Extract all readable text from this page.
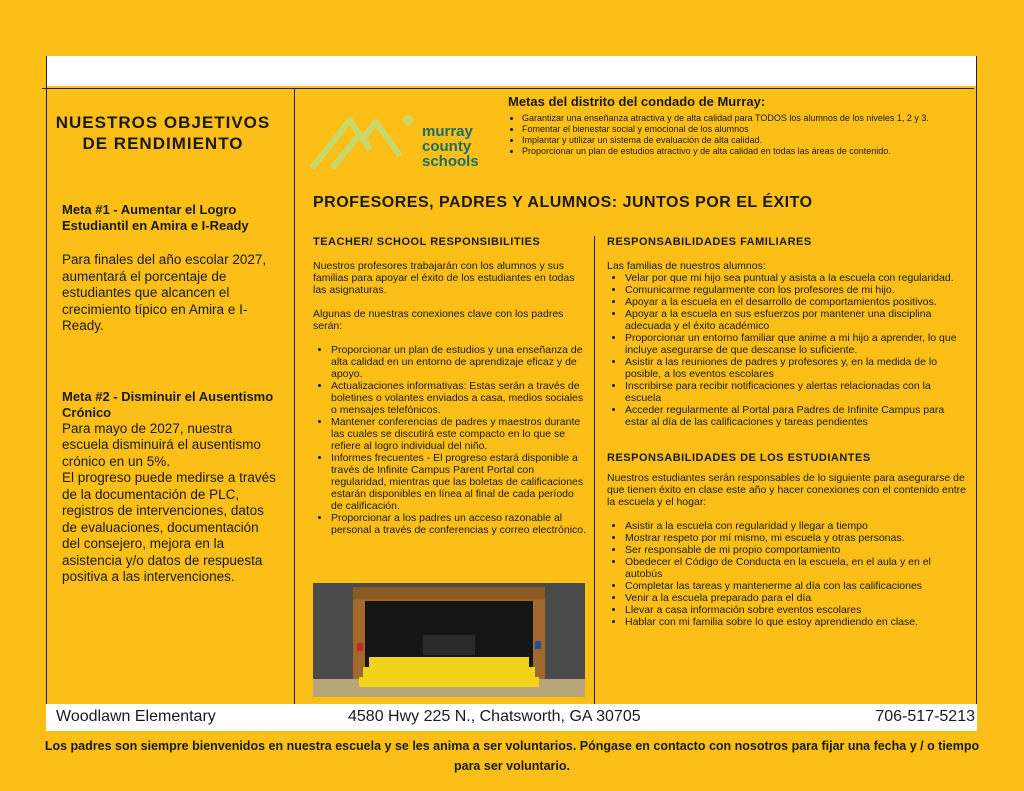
NUESTROS OBJETIVOS DE RENDIMIENTO
Meta #1 - Aumentar el Logro Estudiantil en Amira e I-Ready
Para finales del año escolar 2027, aumentará el porcentaje de estudiantes que alcancen el crecimiento típico en Amira e I-Ready.
Meta #2 - Disminuir el Ausentismo Crónico
Para mayo de 2027, nuestra escuela disminuirá el ausentismo crónico en un 5%.
El progreso puede medirse a través de la documentación de PLC, registros de intervenciones, datos de evaluaciones, documentación del consejero, mejora en la asistencia y/o datos de respuesta positiva a las intervenciones.
murray
county
schools
Metas del distrito del condado de Murray:
• Garantizar una enseñanza atractiva y de alta calidad para TODOS los alumnos de los niveles 1, 2 y 3.
• Fomentar el bienestar social y emocional de los alumnos
• Implantar y utilizar un sistema de evaluación de alta calidad.
• Proporcionar un plan de estudios atractivo y de alta calidad en todas las áreas de contenido.
PROFESORES, PADRES Y ALUMNOS: JUNTOS POR EL ÉXITO
TEACHER/ SCHOOL RESPONSIBILITIES

Nuestros profesores trabajarán con los alumnos y sus familias para apoyar el éxito de los estudiantes en todas las asignaturas.

Algunas de nuestras conexiones clave con los padres serán:

• Proporcionar un plan de estudios y una enseñanza de alta calidad en un entorno de aprendizaje eficaz y de apoyo.
• Actualizaciones informativas: Estas serán a través de boletines o volantes enviados a casa, medios sociales o mensajes telefónicos.
• Mantener conferencias de padres y maestros durante las cuales se discutirá este compacto en lo que se refiere al logro individual del niño.
• Informes frecuentes - El progreso estará disponible a través de Infinite Campus Parent Portal con regularidad, mientras que las boletas de calificaciones estarán disponibles en línea al final de cada período de calificación.
• Proporcionar a los padres un acceso razonable al personal a través de conferencias y correo electrónico.
RESPONSABILIDADES FAMILIARES

Las familias de nuestros alumnos:

• Velar por que mi hijo sea puntual y asista a la escuela con regularidad.
• Comunicarme regularmente con los profesores de mi hijo.
• Apoyar a la escuela en el desarrollo de comportamientos positivos.
• Apoyar a la escuela en sus esfuerzos por mantener una disciplina adecuada y el éxito académico
• Proporcionar un entorno familiar que anime a mi hijo a aprender, lo que incluye asegurarse de que descanse lo suficiente.
• Asistir a las reuniones de padres y profesores y, en la medida de lo posible, a los eventos escolares
• Inscribirse para recibir notificaciones y alertas relacionadas con la escuela
• Acceder regularmente al Portal para Padres de Infinite Campus para estar al día de las calificaciones y tareas pendientes
RESPONSABILIDADES DE LOS ESTUDIANTES

Nuestros estudiantes serán responsables de lo siguiente para asegurarse de que tienen éxito en clase este año y hacer conexiones con el contenido entre la escuela y el hogar:

• Asistir a la escuela con regularidad y llegar a tiempo
• Mostrar respeto por mí mismo, mi escuela y otras personas.
• Ser responsable de mi propio comportamiento
• Obedecer el Código de Conducta en la escuela, en el aula y en el autobús
• Completar las tareas y mantenerme al día con las calificaciones
• Venir a la escuela preparado para el día
• Llevar a casa información sobre eventos escolares
• Hablar con mi familia sobre lo que estoy aprendiendo en clase.
Woodlawn Elementary	4580 Hwy 225 N., Chatsworth, GA 30705	706-517-5213
Los padres son siempre bienvenidos en nuestra escuela y se les anima a ser voluntarios. Póngase en contacto con nosotros para fijar una fecha y / o tiempo para ser voluntario.
